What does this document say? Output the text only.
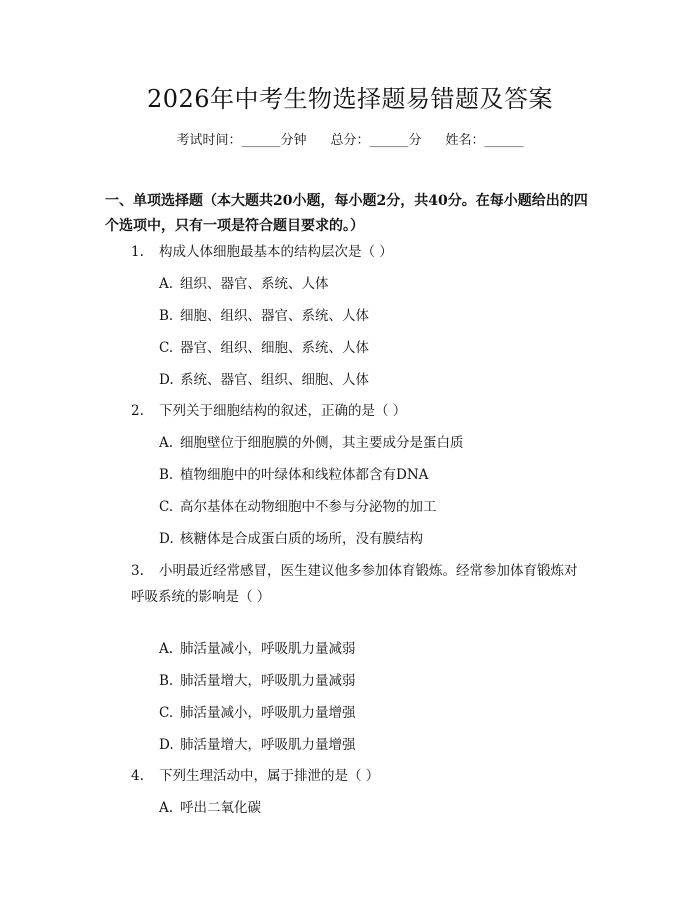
2026年中考生物选择题易错题及答案
考试时间：______分钟 总分：______分 姓名：______
一、单项选择题（本大题共20小题，每小题2分，共40分。在每小题给出的四个选项中，只有一项是符合题目要求的。）
1. 构成人体细胞最基本的结构层次是（ ）
A. 组织、器官、系统、人体
B. 细胞、组织、器官、系统、人体
C. 器官、组织、细胞、系统、人体
D. 系统、器官、组织、细胞、人体
2. 下列关于细胞结构的叙述，正确的是（ ）
A. 细胞壁位于细胞膜的外侧，其主要成分是蛋白质
B. 植物细胞中的叶绿体和线粒体都含有DNA
C. 高尔基体在动物细胞中不参与分泌物的加工
D. 核糖体是合成蛋白质的场所，没有膜结构
3. 小明最近经常感冒，医生建议他多参加体育锻炼。经常参加体育锻炼对呼吸系统的影响是（ ）
A. 肺活量减小，呼吸肌力量减弱
B. 肺活量增大，呼吸肌力量减弱
C. 肺活量减小，呼吸肌力量增强
D. 肺活量增大，呼吸肌力量增强
4. 下列生理活动中，属于排泄的是（ ）
A. 呼出二氧化碳
